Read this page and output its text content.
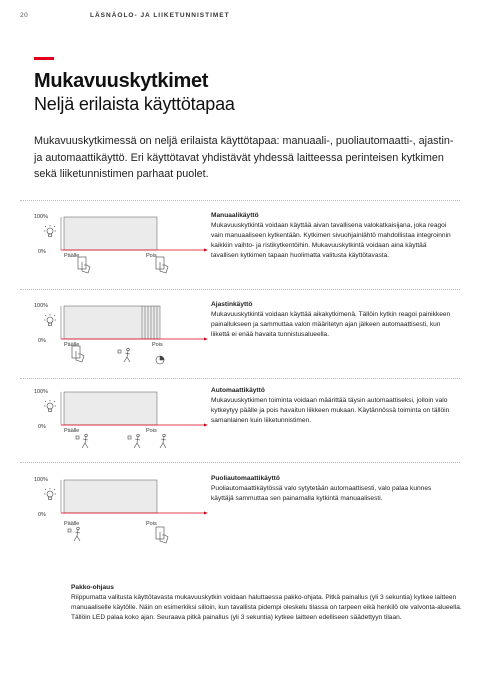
20	LÄSNÄOLO- JA LIIKETUNNISTIMET
Mukavuuskytkimet
Neljä erilaista käyttötapaa
Mukavuuskytkimessä on neljä erilaista käyttötapaa: manuaali-, puoliautomaatti-, ajastin- ja automaattikäyttö. Eri käyttötavat yhdistävät yhdessä laitteessa perinteisen kytkimen sekä liiketunnistimen parhaat puolet.
100%
0%
Päälle	Pois
Manuaalikäyttö
Mukavuuskytkintä voidaan käyttää aivan tavallisena valokatkaisijana, joka reagoi vain manuaaliseen kytkentään. Kytkimen sivuohjainlähtö mahdollistaa integroinnin kaikkiin vaihto- ja ristikytkentöihin. Mukavuuskytkintä voidaan aina käyttää tavallisen kytkimen tapaan huolimatta valitusta käyttötavasta.
100%
0%
Päälle	Pois
Ajastinkäyttö
Mukavuuskytkintä voidaan käyttää aikakytkimenä. Tällöin kytkin reagoi painikkeen painallukseen ja sammuttaa valon määritetyn ajan jälkeen automaattisesti, kun liikettä ei enää havaita tunnistusalueella.
100%
0%
Päälle	Pois
Automaattikäyttö
Mukavuuskytkimen toiminta voidaan määrittää täysin automaattiseksi, jolloin valo kytkeytyy päälle ja pois havaitun liikkeen mukaan. Käytännössä toiminta on tällöin samanlainen kuin liiketunnistimen.
100%
0%
Päälle	Pois
Puoliautomaattikäyttö
Puoliautomaattikäytössä valo sytytetään automaattisesti, valo palaa kunnes käyttäjä sammuttaa sen painamalla kytkintä manuaalisesti.
Pakko-ohjaus
Riippumatta valitusta käyttötavasta mukavuuskytkin voidaan haluttaessa pakko-ohjata. Pitkä painallus (yli 3 sekuntia) kytkee laitteen manuaaliselle käytölle. Näin on esimerkiksi silloin, kun tavallista pidempi oleskelu tilassa on tarpeen eikä henkilö ole valvonta-alueella. Tällöin LED palaa koko ajan. Seuraava pitkä painallus (yli 3 sekuntia) kytkee laitteen edelliseen säädettyyn tilaan.
